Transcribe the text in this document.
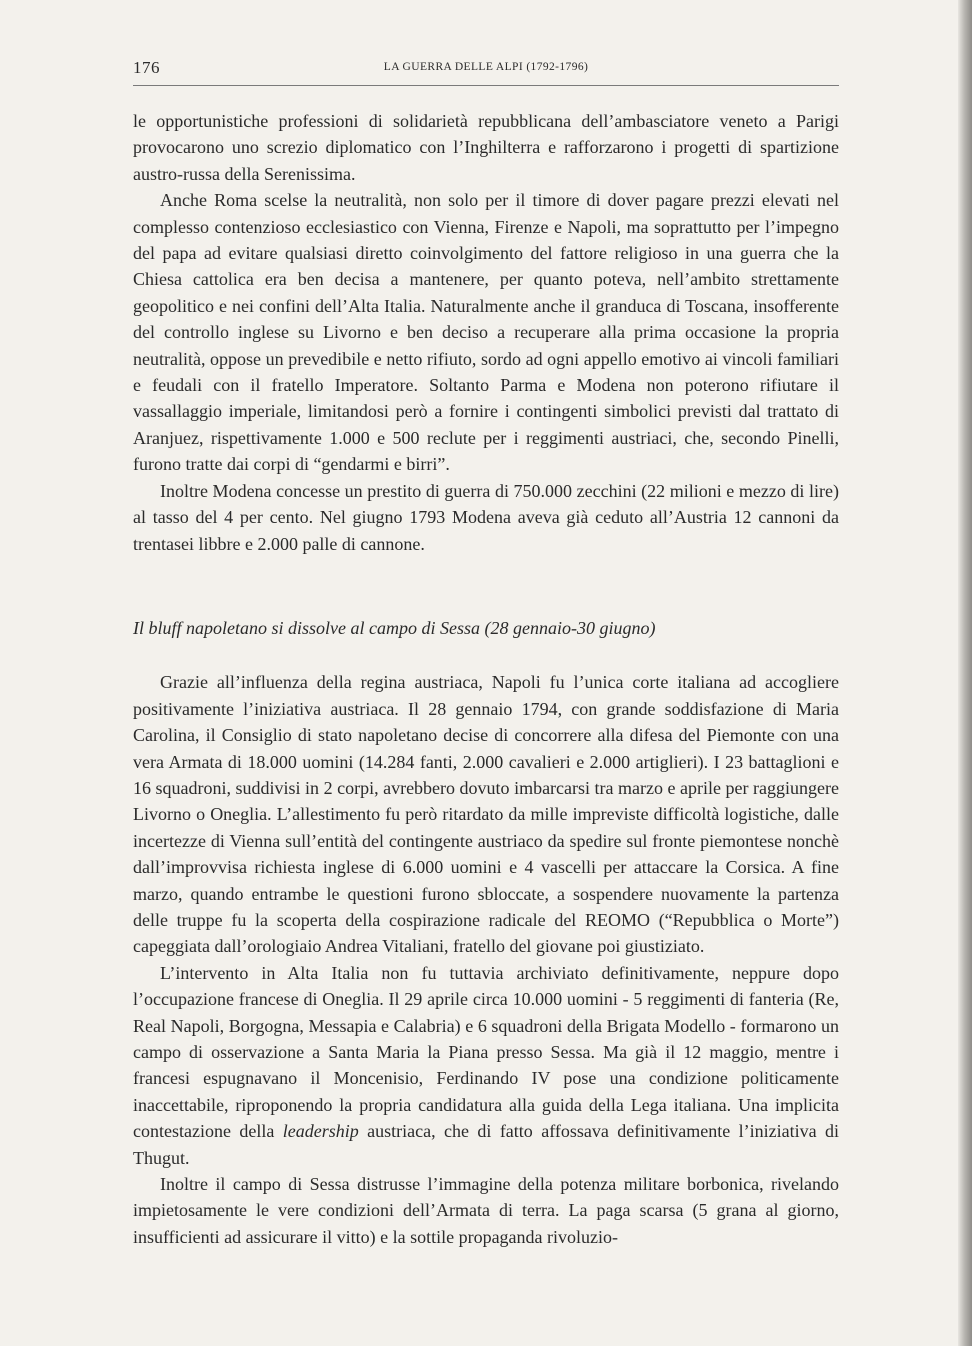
176	LA GUERRA DELLE ALPI (1792-1796)

le opportunistiche professioni di solidarietà repubblicana dell’ambasciatore veneto a Parigi provocarono uno screzio diplomatico con l’Inghilterra e rafforzarono i progetti di spartizione austro-russa della Serenissima.

Anche Roma scelse la neutralità, non solo per il timore di dover pagare prezzi elevati nel complesso contenzioso ecclesiastico con Vienna, Firenze e Napoli, ma soprattutto per l’impegno del papa ad evitare qualsiasi diretto coinvolgimento del fattore religioso in una guerra che la Chiesa cattolica era ben decisa a mantenere, per quanto poteva, nell’ambito strettamente geopolitico e nei confini dell’Alta Italia. Naturalmente anche il granduca di Toscana, insofferente del controllo inglese su Livorno e ben deciso a recuperare alla prima occasione la propria neutralità, oppose un prevedibile e netto rifiuto, sordo ad ogni appello emotivo ai vincoli familiari e feudali con il fratello Imperatore. Soltanto Parma e Modena non poterono rifiutare il vassallaggio imperiale, limitandosi però a fornire i contingenti simbolici previsti dal trattato di Aranjuez, rispettivamente 1.000 e 500 reclute per i reggimenti austriaci, che, secondo Pinelli, furono tratte dai corpi di “gendarmi e birri”.

Inoltre Modena concesse un prestito di guerra di 750.000 zecchini (22 milioni e mezzo di lire) al tasso del 4 per cento. Nel giugno 1793 Modena aveva già ceduto all’Austria 12 cannoni da trentasei libbre e 2.000 palle di cannone.

Il bluff napoletano si dissolve al campo di Sessa (28 gennaio-30 giugno)

Grazie all’influenza della regina austriaca, Napoli fu l’unica corte italiana ad accogliere positivamente l’iniziativa austriaca. Il 28 gennaio 1794, con grande soddisfazione di Maria Carolina, il Consiglio di stato napoletano decise di concorrere alla difesa del Piemonte con una vera Armata di 18.000 uomini (14.284 fanti, 2.000 cavalieri e 2.000 artiglieri). I 23 battaglioni e 16 squadroni, suddivisi in 2 corpi, avrebbero dovuto imbarcarsi tra marzo e aprile per raggiungere Livorno o Oneglia. L’allestimento fu però ritardato da mille impreviste difficoltà logistiche, dalle incertezze di Vienna sull’entità del contingente austriaco da spedire sul fronte piemontese nonchè dall’improvvisa richiesta inglese di 6.000 uomini e 4 vascelli per attaccare la Corsica. A fine marzo, quando entrambe le questioni furono sbloccate, a sospendere nuovamente la partenza delle truppe fu la scoperta della cospirazione radicale del REOMO (“Repubblica o Morte”) capeggiata dall’orologiaio Andrea Vitaliani, fratello del giovane poi giustiziato.

L’intervento in Alta Italia non fu tuttavia archiviato definitivamente, neppure dopo l’occupazione francese di Oneglia. Il 29 aprile circa 10.000 uomini - 5 reggimenti di fanteria (Re, Real Napoli, Borgogna, Messapia e Calabria) e 6 squadroni della Brigata Modello - formarono un campo di osservazione a Santa Maria la Piana presso Sessa. Ma già il 12 maggio, mentre i francesi espugnavano il Moncenisio, Ferdinando IV pose una condizione politicamente inaccettabile, riproponendo la propria candidatura alla guida della Lega italiana. Una implicita contestazione della leadership austriaca, che di fatto affossava definitivamente l’iniziativa di Thugut.

Inoltre il campo di Sessa distrusse l’immagine della potenza militare borbonica, rivelando impietosamente le vere condizioni dell’Armata di terra. La paga scarsa (5 grana al giorno, insufficienti ad assicurare il vitto) e la sottile propaganda rivoluzio-
